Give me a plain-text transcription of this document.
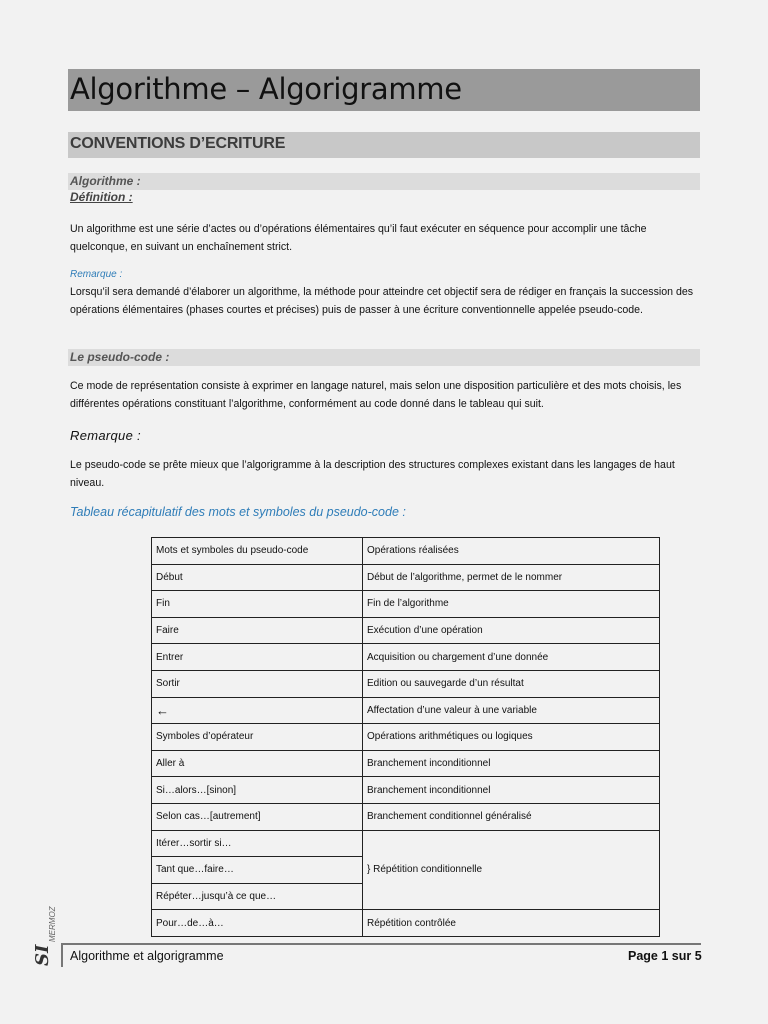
Algorithme – Algorigramme
CONVENTIONS D’ECRITURE
Algorithme :
Définition :
Un algorithme est une série d’actes ou d’opérations élémentaires qu’il faut exécuter en séquence pour accomplir une tâche quelconque, en suivant un enchaînement strict.
Remarque :
Lorsqu’il sera demandé d’élaborer un algorithme, la méthode pour atteindre cet objectif sera de rédiger en français la succession des opérations élémentaires (phases courtes et précises) puis de passer à une écriture conventionnelle appelée pseudo-code.
Le pseudo-code :
Ce mode de représentation consiste à exprimer en langage naturel, mais selon une disposition particulière et des mots choisis, les différentes opérations constituant l’algorithme, conformément au code donné dans le tableau qui suit.
Remarque :
Le pseudo-code se prête mieux que l’algorigramme à la description des structures complexes existant dans les langages de haut niveau.
Tableau récapitulatif des mots et symboles du pseudo-code :
Mots et symboles du pseudo-code	Opérations réalisées
Début	Début de l’algorithme, permet de le nommer
Fin	Fin de l’algorithme
Faire	Exécution d’une opération
Entrer	Acquisition ou chargement d’une donnée
Sortir	Edition ou sauvegarde d’un résultat
←	Affectation d’une valeur à une variable
Symboles d’opérateur	Opérations arithmétiques ou logiques
Aller à	Branchement inconditionnel
Si…alors…[sinon]	Branchement inconditionnel
Selon cas…[autrement]	Branchement conditionnel généralisé
Itérer…sortir si…	} Répétition conditionnelle
Tant que…faire…	
Répéter…jusqu’à ce que…	
Pour…de…à…	Répétition contrôlée
SI
MERMOZ
Algorithme et algorigramme	Page 1 sur 5
